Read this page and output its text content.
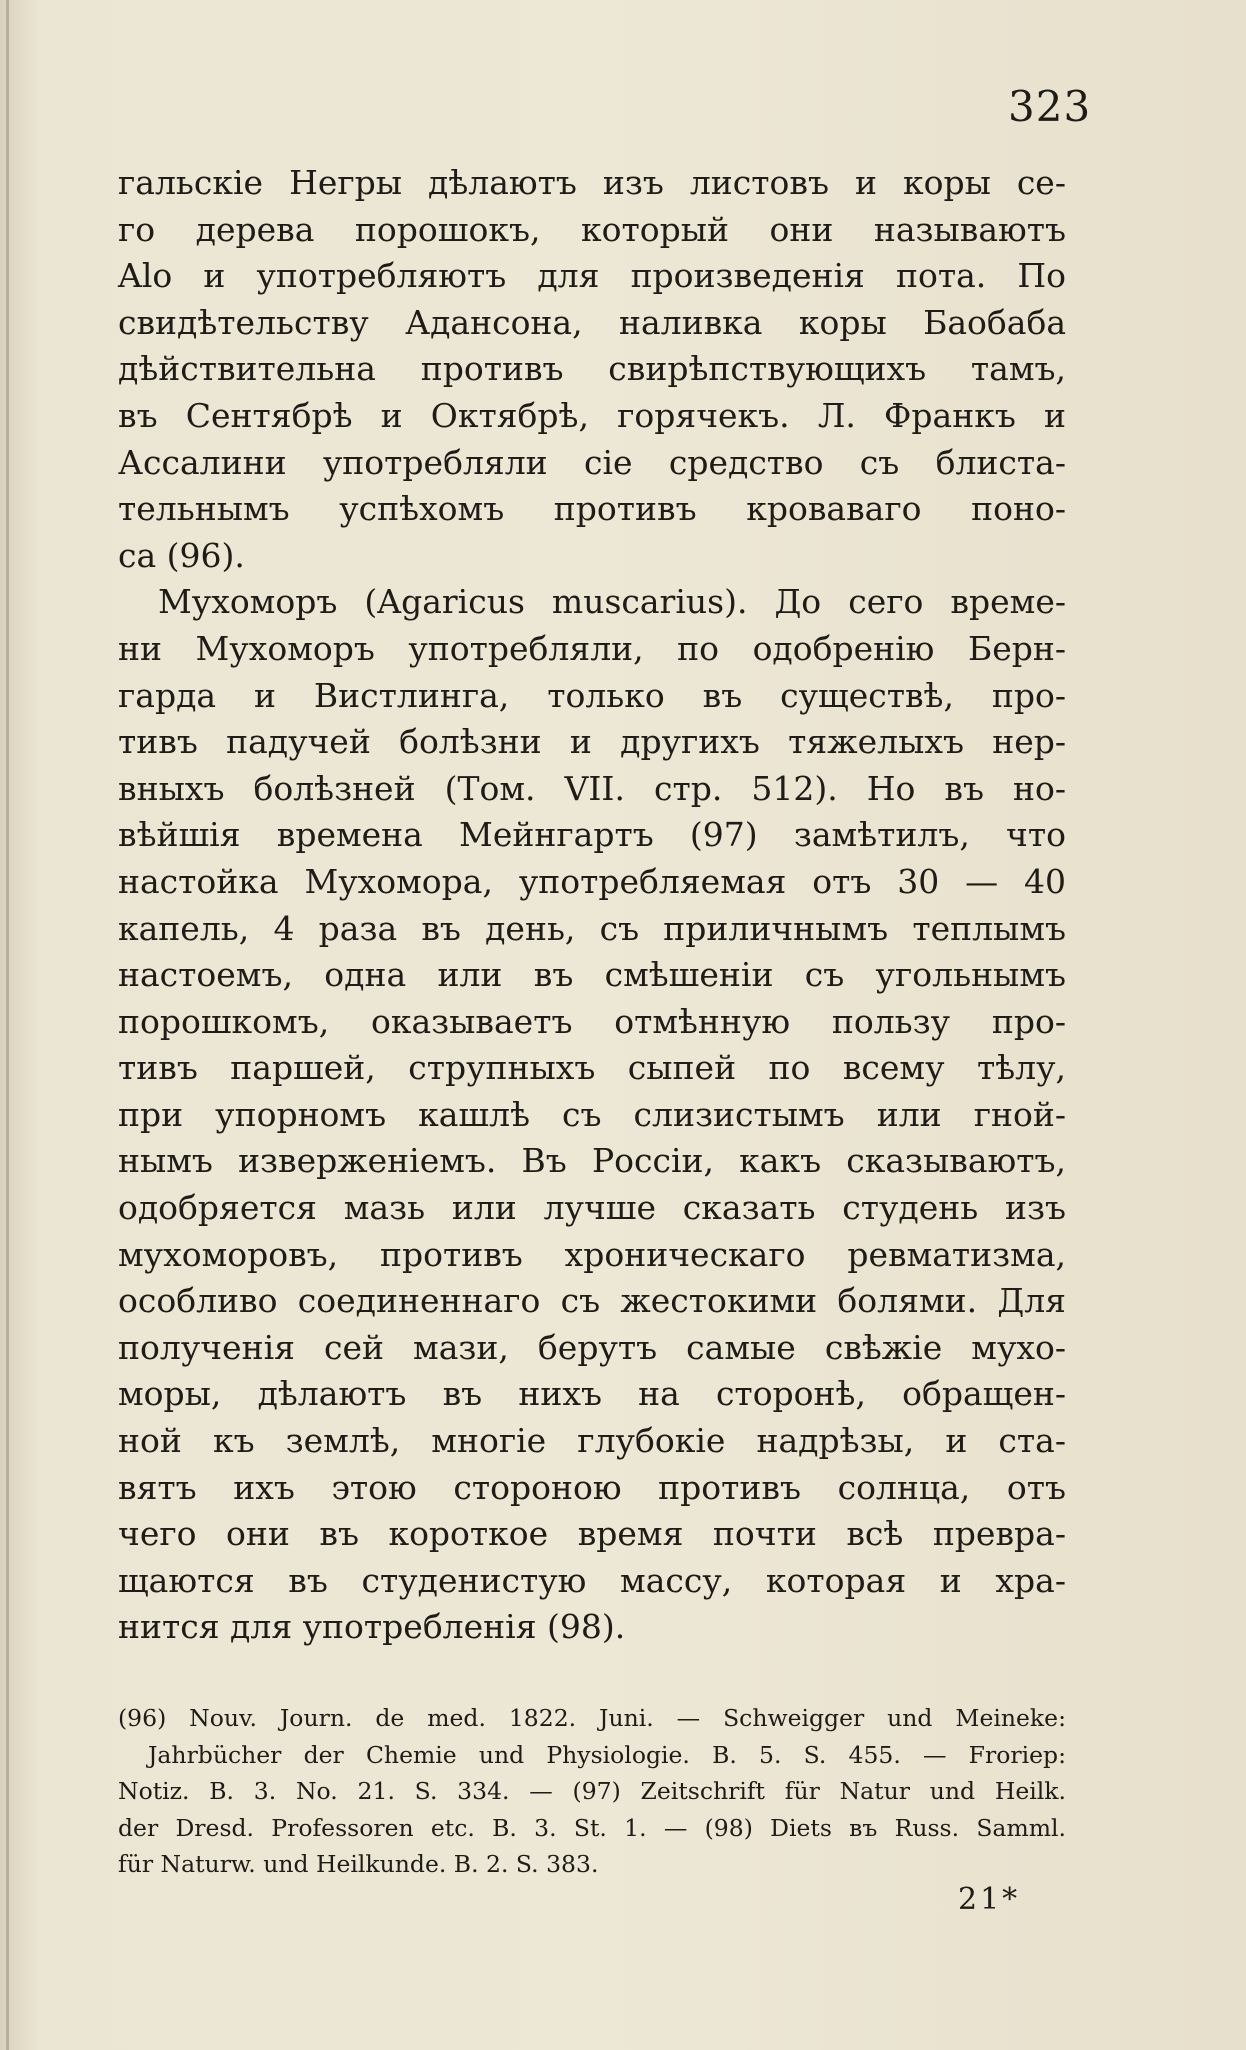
323
гальскіе Негры дѣлаютъ изъ листовъ и коры се-
го дерева порошокъ, который они называютъ
Alo и употребляютъ для произведенія пота. По
свидѣтельству Адансона, наливка коры Баобаба
дѣйствительна противъ свирѣпствующихъ тамъ,
въ Сентябрѣ и Октябрѣ, горячекъ. Л. Франкъ и
Ассалини употребляли сіе средство съ блиста-
тельнымъ успѣхомъ противъ кроваваго поно-
са (96).
Мухоморъ (Agaricus muscarius). До сего време-
ни Мухоморъ употребляли, по одобренію Берн-
гарда и Вистлинга, только въ существѣ, про-
тивъ падучей болѣзни и другихъ тяжелыхъ нер-
вныхъ болѣзней (Том. VII. стр. 512). Но въ но-
вѣйшія времена Мейнгартъ (97) замѣтилъ, что
настойка Мухомора, употребляемая отъ 30 — 40
капель, 4 раза въ день, съ приличнымъ теплымъ
настоемъ, одна или въ смѣшеніи съ угольнымъ
порошкомъ, оказываетъ отмѣнную пользу про-
тивъ паршей, струпныхъ сыпей по всему тѣлу,
при упорномъ кашлѣ съ слизистымъ или гной-
нымъ изверженіемъ. Въ Россіи, какъ сказываютъ,
одобряется мазь или лучше сказать студень изъ
мухоморовъ, противъ хроническаго ревматизма,
особливо соединеннаго съ жестокими болями. Для
полученія сей мази, берутъ самые свѣжіе мухо-
моры, дѣлаютъ въ нихъ на сторонѣ, обращен-
ной къ землѣ, многіе глубокіе надрѣзы, и ста-
вятъ ихъ этою стороною противъ солнца, отъ
чего они въ короткое время почти всѣ превра-
щаются въ студенистую массу, которая и хра-
нится для употребленія (98).
(96) Nouv. Journ. de med. 1822. Juni. — Schweigger und Meineke:
Jahrbücher der Chemie und Physiologie. B. 5. S. 455. — Froriep:
Notiz. B. 3. No. 21. S. 334. — (97) Zeitschrift für Natur und Heilk.
der Dresd. Professoren etc. B. 3. St. 1. — (98) Diets въ Russ. Samml.
für Naturw. und Heilkunde. B. 2. S. 383.
21*
